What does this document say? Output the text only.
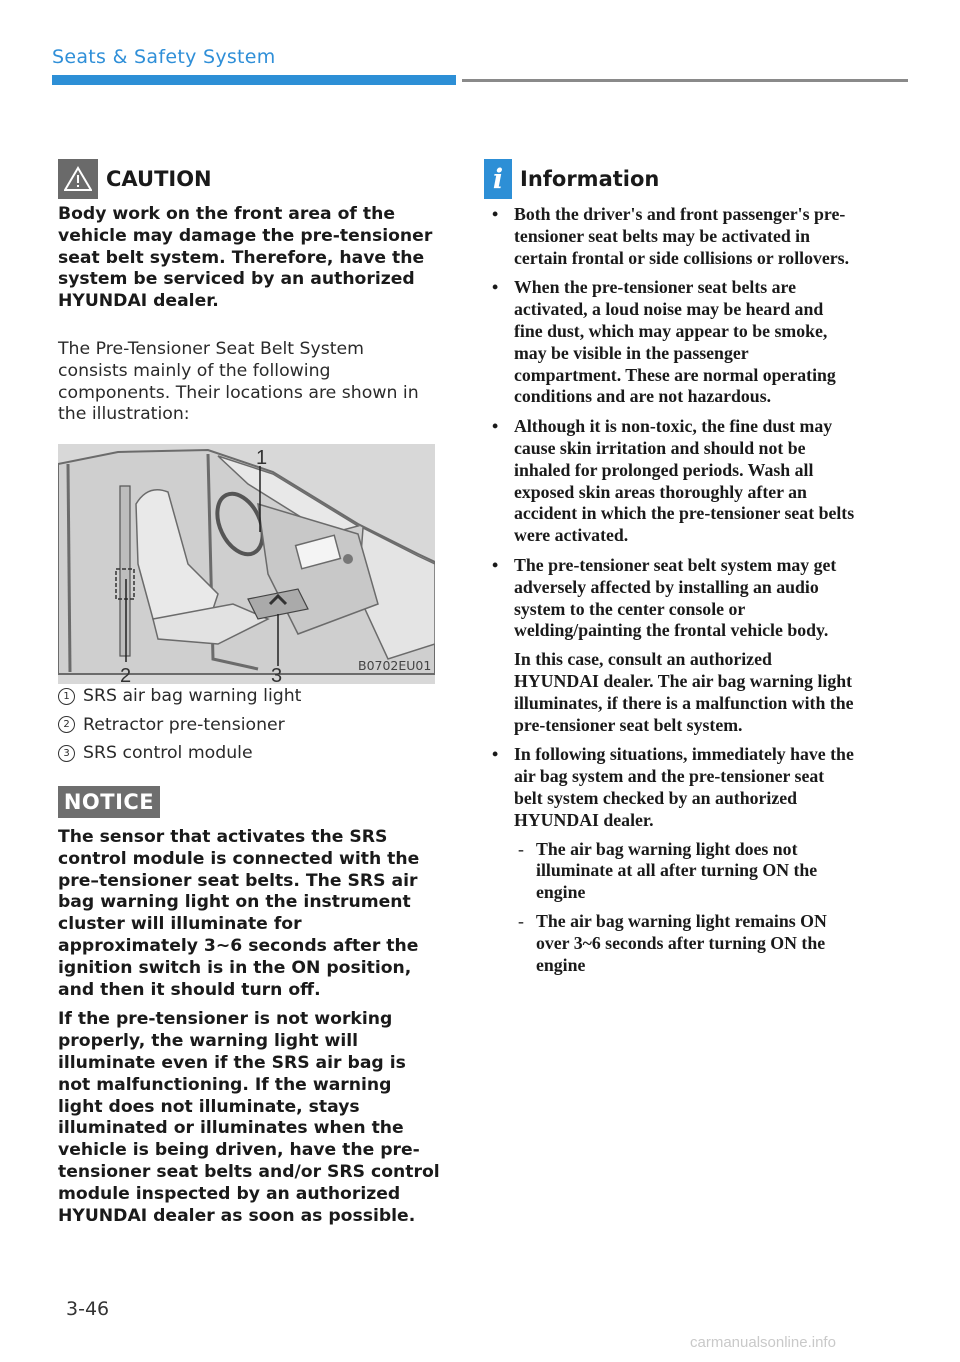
Seats & Safety System
CAUTION
Body work on the front area of the vehicle may damage the pre-tensioner seat belt system. Therefore, have the system be serviced by an authorized HYUNDAI dealer.
The Pre-Tensioner Seat Belt System consists mainly of the following components. Their locations are shown in the illustration:
1
2	3	B0702EU01
1 SRS air bag warning light
2 Retractor pre-tensioner
3 SRS control module
NOTICE

The sensor that activates the SRS control module is connected with the pre–tensioner seat belts. The SRS air bag warning light on the instrument cluster will illuminate for approximately 3~6 seconds after the ignition switch is in the ON position, and then it should turn off.

If the pre-tensioner is not working properly, the warning light will illuminate even if the SRS air bag is not malfunctioning. If the warning light does not illuminate, stays illuminated or illuminates when the vehicle is being driven, have the pre-tensioner seat belts and/or SRS control module inspected by an authorized HYUNDAI dealer as soon as possible.

i Information
• Both the driver's and front passenger's pre-tensioner seat belts may be activated in certain frontal or side collisions or rollovers.
• When the pre-tensioner seat belts are activated, a loud noise may be heard and fine dust, which may appear to be smoke, may be visible in the passenger compartment. These are normal operating conditions and are not hazardous.
• Although it is non-toxic, the fine dust may cause skin irritation and should not be inhaled for prolonged periods. Wash all exposed skin areas thoroughly after an accident in which the pre-tensioner seat belts were activated.
• The pre-tensioner seat belt system may get adversely affected by installing an audio system to the center console or welding/painting the frontal vehicle body.
In this case, consult an authorized HYUNDAI dealer. The air bag warning light illuminates, if there is a malfunction with the pre-tensioner seat belt system.
• In following situations, immediately have the air bag system and the pre-tensioner seat belt system checked by an authorized HYUNDAI dealer.
- The air bag warning light does not illuminate at all after turning ON the engine
- The air bag warning light remains ON over 3~6 seconds after turning ON the engine
3-46
carmanualsonline.info
